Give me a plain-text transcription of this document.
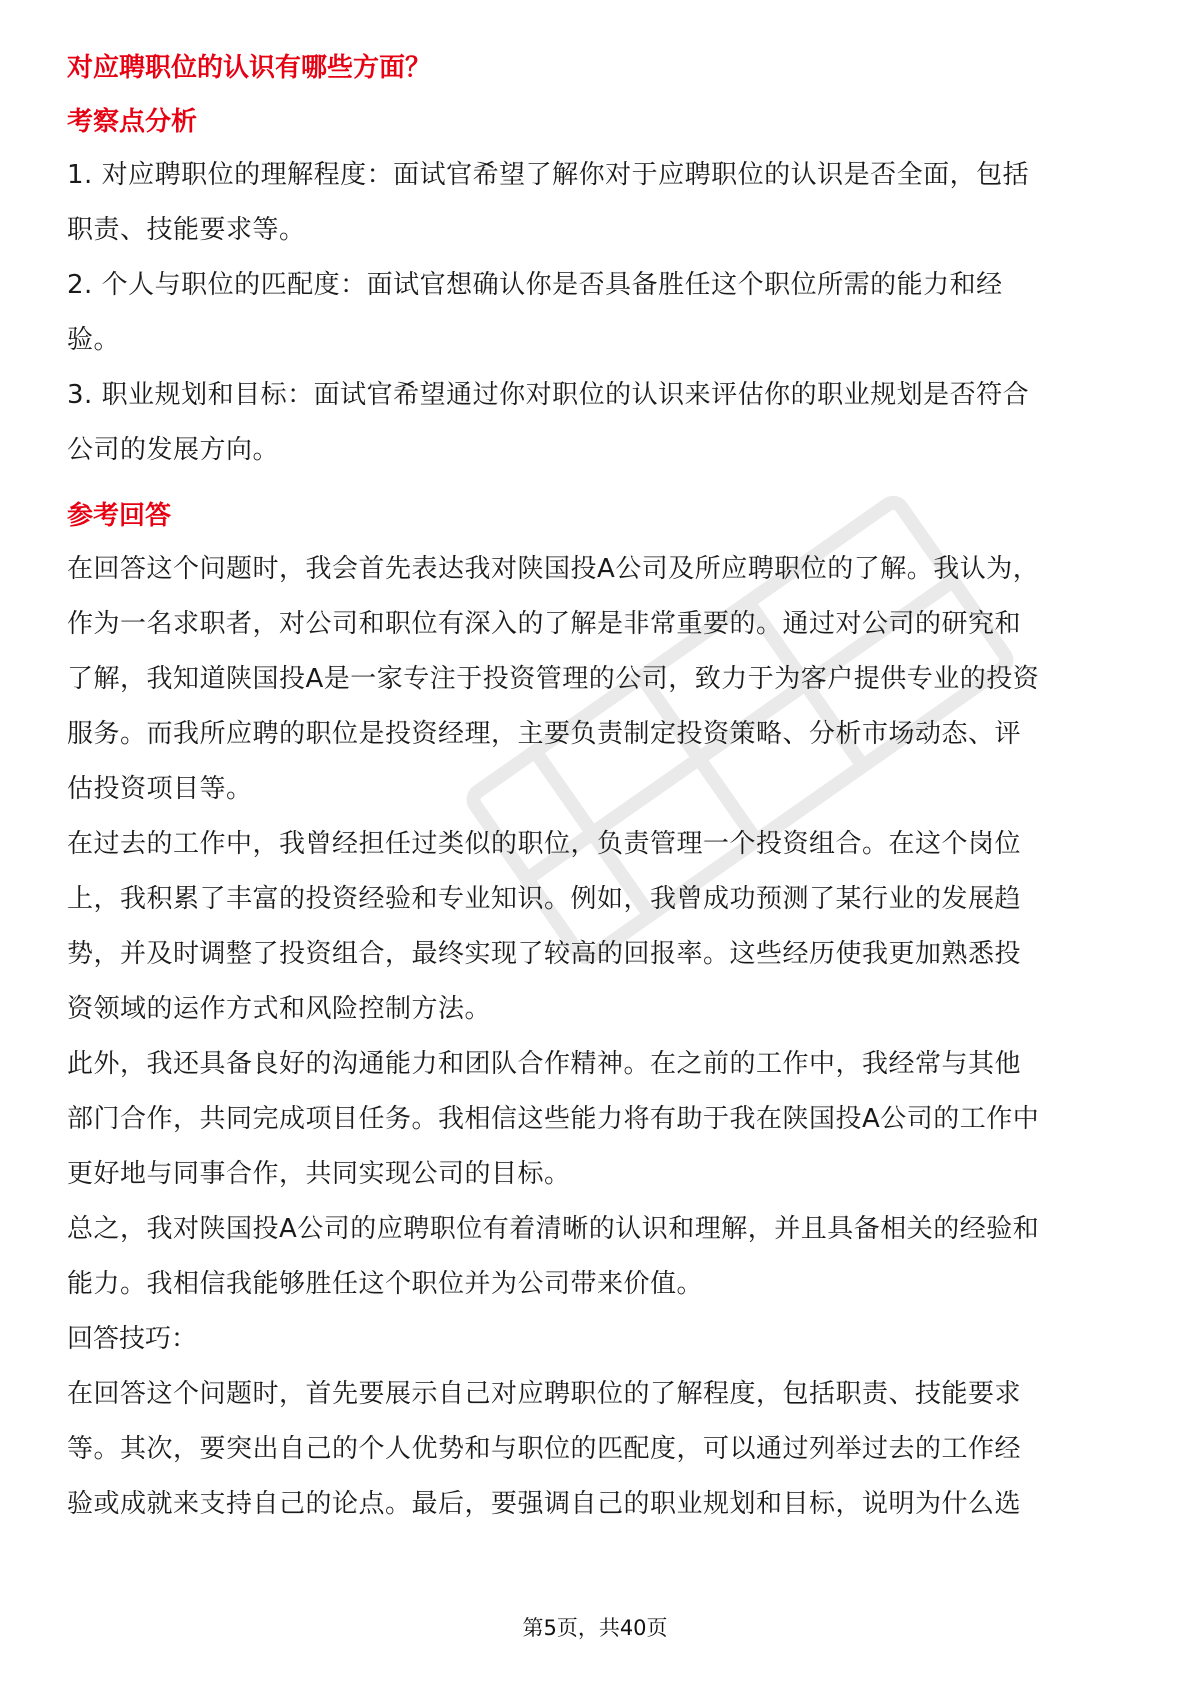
对应聘职位的认识有哪些方面？

考察点分析

1. 对应聘职位的理解程度：面试官希望了解你对于应聘职位的认识是否全面，包括职责、技能要求等。

2. 个人与职位的匹配度：面试官想确认你是否具备胜任这个职位所需的能力和经验。

3. 职业规划和目标：面试官希望通过你对职位的认识来评估你的职业规划是否符合公司的发展方向。

参考回答

在回答这个问题时，我会首先表达我对陕国投A公司及所应聘职位的了解。我认为，作为一名求职者，对公司和职位有深入的了解是非常重要的。通过对公司的研究和了解，我知道陕国投A是一家专注于投资管理的公司，致力于为客户提供专业的投资服务。而我所应聘的职位是投资经理，主要负责制定投资策略、分析市场动态、评估投资项目等。

在过去的工作中，我曾经担任过类似的职位，负责管理一个投资组合。在这个岗位上，我积累了丰富的投资经验和专业知识。例如，我曾成功预测了某行业的发展趋势，并及时调整了投资组合，最终实现了较高的回报率。这些经历使我更加熟悉投资领域的运作方式和风险控制方法。

此外，我还具备良好的沟通能力和团队合作精神。在之前的工作中，我经常与其他部门合作，共同完成项目任务。我相信这些能力将有助于我在陕国投A公司的工作中更好地与同事合作，共同实现公司的目标。

总之，我对陕国投A公司的应聘职位有着清晰的认识和理解，并且具备相关的经验和能力。我相信我能够胜任这个职位并为公司带来价值。

回答技巧：

在回答这个问题时，首先要展示自己对应聘职位的了解程度，包括职责、技能要求等。其次，要突出自己的个人优势和与职位的匹配度，可以通过列举过去的工作经验或成就来支持自己的论点。最后，要强调自己的职业规划和目标，说明为什么选

第5页，共40页
